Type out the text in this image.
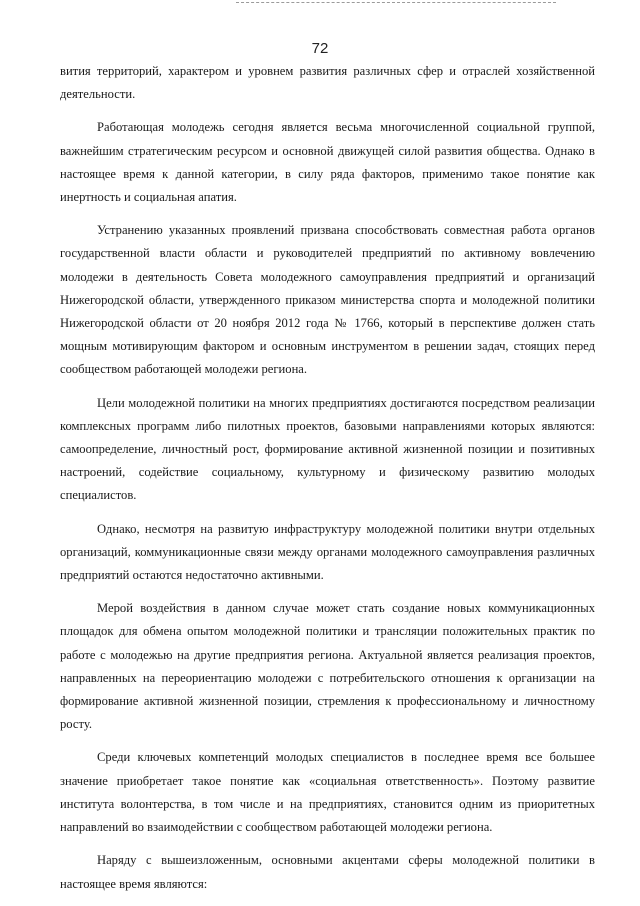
72

вития территорий, характером и уровнем развития различных сфер и отраслей хозяйственной деятельности.

Работающая молодежь сегодня является весьма многочисленной социальной группой, важнейшим стратегическим ресурсом и основной движущей силой развития общества. Однако в настоящее время к данной категории, в силу ряда факторов, применимо такое понятие как инертность и социальная апатия.

Устранению указанных проявлений призвана способствовать совместная работа органов государственной власти области и руководителей предприятий по активному вовлечению молодежи в деятельность Совета молодежного самоуправления предприятий и организаций Нижегородской области, утвержденного приказом министерства спорта и молодежной политики Нижегородской области от 20 ноября 2012 года № 1766, который в перспективе должен стать мощным мотивирующим фактором и основным инструментом в решении задач, стоящих перед сообществом работающей молодежи региона.

Цели молодежной политики на многих предприятиях достигаются посредством реализации комплексных программ либо пилотных проектов, базовыми направлениями которых являются: самоопределение, личностный рост, формирование активной жизненной позиции и позитивных настроений, содействие социальному, культурному и физическому развитию молодых специалистов.

Однако, несмотря на развитую инфраструктуру молодежной политики внутри отдельных организаций, коммуникационные связи между органами молодежного самоуправления различных предприятий остаются недостаточно активными.

Мерой воздействия в данном случае может стать создание новых коммуникационных площадок для обмена опытом молодежной политики и трансляции положительных практик по работе с молодежью на другие предприятия региона. Актуальной является реализация проектов, направленных на переориентацию молодежи с потребительского отношения к организации на формирование активной жизненной позиции, стремления к профессиональному и личностному росту.

Среди ключевых компетенций молодых специалистов в последнее время все большее значение приобретает такое понятие как «социальная ответственность». Поэтому развитие института волонтерства, в том числе и на предприятиях, становится одним из приоритетных направлений во взаимодействии с сообществом работающей молодежи региона.

Наряду с вышеизложенным, основными акцентами сферы молодежной политики в настоящее время являются:
